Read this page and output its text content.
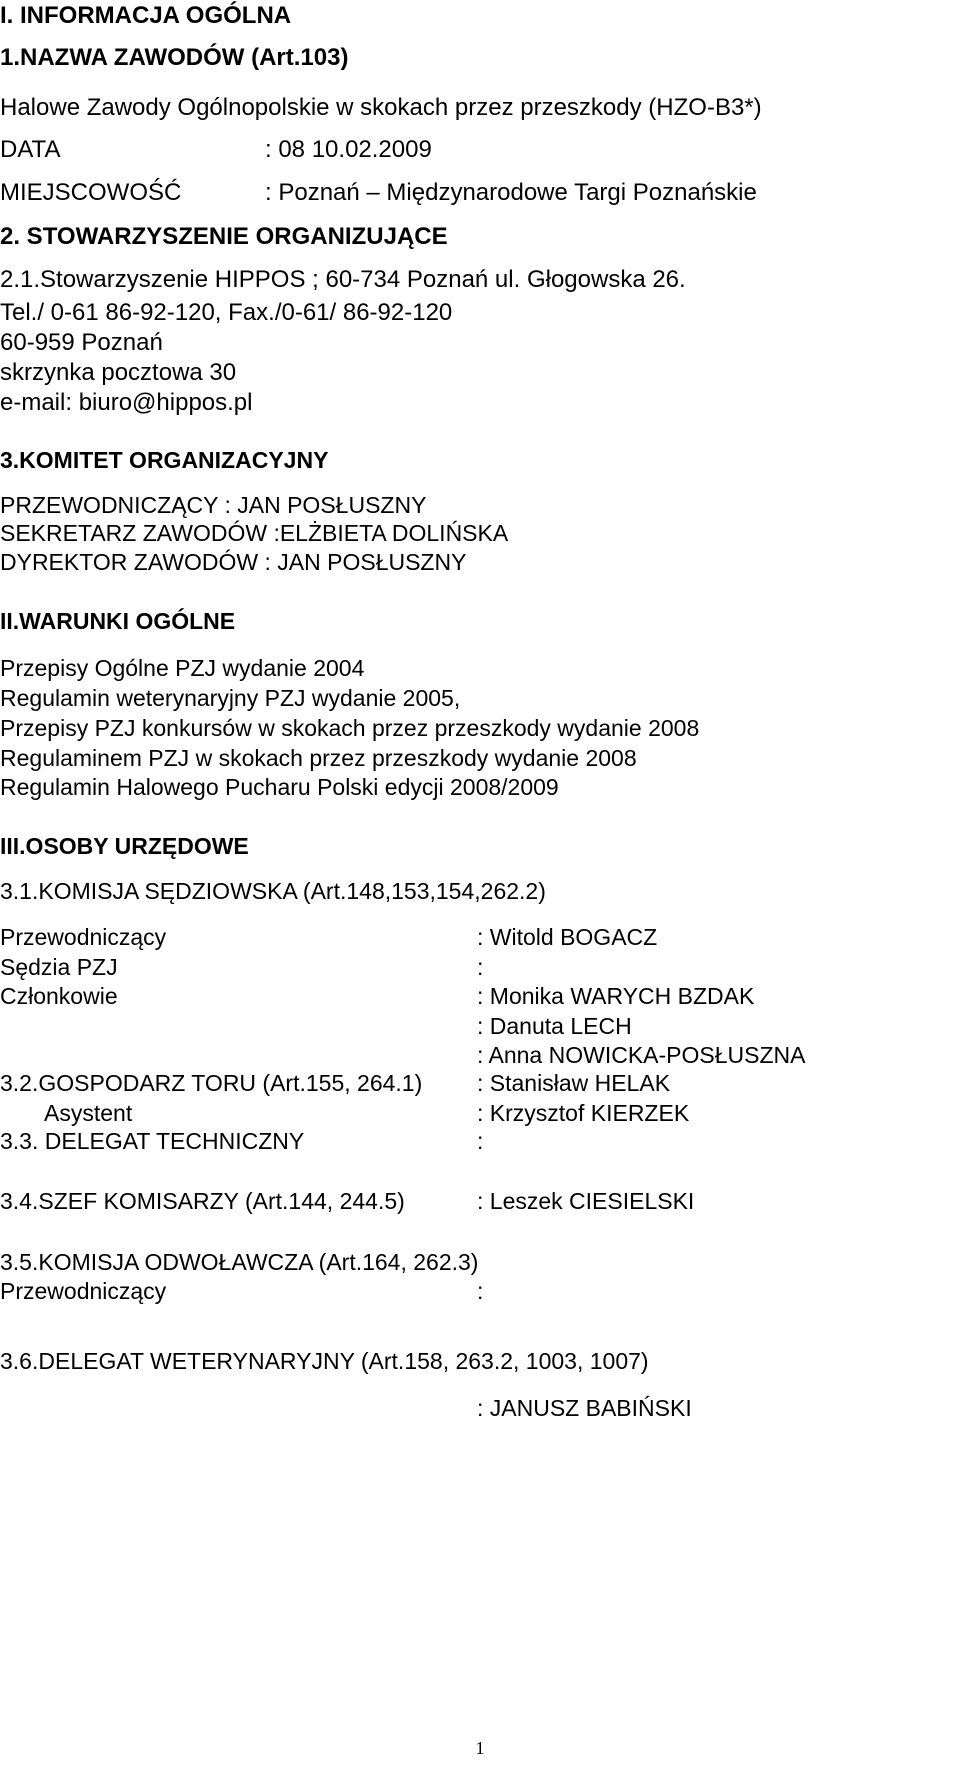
I. INFORMACJA OGÓLNA
1.NAZWA ZAWODÓW (Art.103)
Halowe Zawody Ogólnopolskie w skokach przez przeszkody (HZO-B3*)
DATA	: 08 10.02.2009
MIEJSCOWOŚĆ	: Poznań – Międzynarodowe Targi Poznańskie
2. STOWARZYSZENIE ORGANIZUJĄCE
2.1.Stowarzyszenie HIPPOS ; 60-734 Poznań ul. Głogowska 26.
Tel./ 0-61 86-92-120, Fax./0-61/ 86-92-120
60-959 Poznań
skrzynka pocztowa 30
e-mail: biuro@hippos.pl
3.KOMITET ORGANIZACYJNY
PRZEWODNICZĄCY : JAN POSŁUSZNY
SEKRETARZ ZAWODÓW :ELŻBIETA DOLIŃSKA
DYREKTOR ZAWODÓW : JAN POSŁUSZNY
II.WARUNKI OGÓLNE
Przepisy Ogólne PZJ wydanie 2004
Regulamin weterynaryjny PZJ wydanie 2005,
Przepisy PZJ konkursów w skokach przez przeszkody wydanie 2008
Regulaminem PZJ w skokach przez przeszkody wydanie 2008
Regulamin Halowego Pucharu Polski edycji 2008/2009
III.OSOBY URZĘDOWE
3.1.KOMISJA SĘDZIOWSKA (Art.148,153,154,262.2)
Przewodniczący	: Witold BOGACZ
Sędzia PZJ	:
Członkowie	: Monika WARYCH BZDAK
: Danuta LECH
: Anna NOWICKA-POSŁUSZNA
3.2.GOSPODARZ TORU (Art.155, 264.1) : Stanisław HELAK
Asystent	: Krzysztof KIERZEK
3.3. DELEGAT TECHNICZNY	:
3.4.SZEF KOMISARZY (Art.144, 244.5)	: Leszek CIESIELSKI
3.5.KOMISJA ODWOŁAWCZA (Art.164, 262.3)
Przewodniczący	:
3.6.DELEGAT WETERYNARYJNY (Art.158, 263.2, 1003, 1007)
: JANUSZ BABIŃSKI
1
